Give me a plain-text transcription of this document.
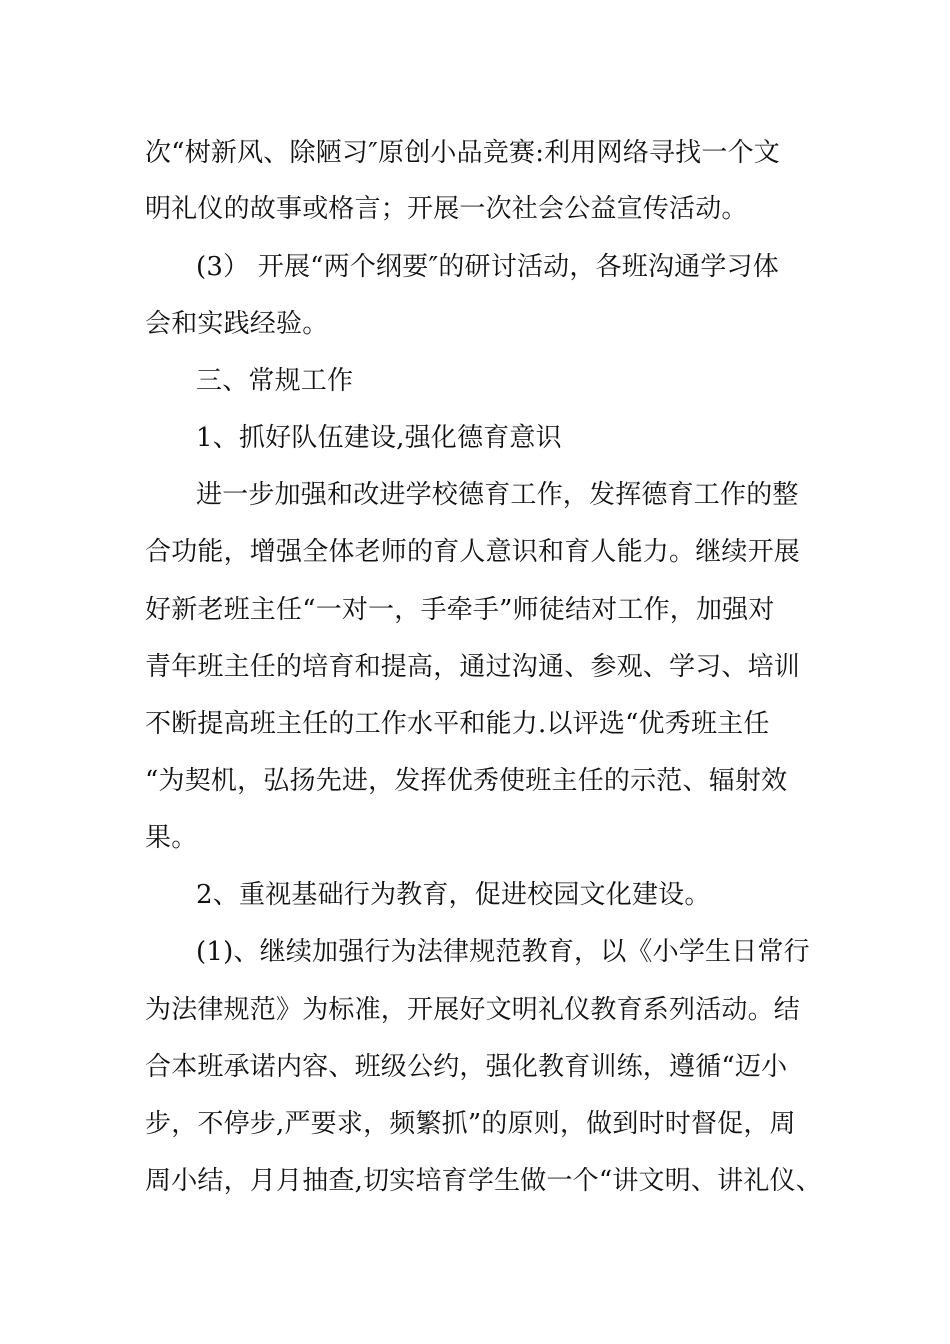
次“树新风、除陋习″原创小品竞赛:利用网络寻找一个文
明礼仪的故事或格言；开展一次社会公益宣传活动。
(3） 开展“两个纲要″的研讨活动，各班沟通学习体
会和实践经验。
三、常规工作
1、抓好队伍建设,强化德育意识
进一步加强和改进学校德育工作，发挥德育工作的整
合功能，增强全体老师的育人意识和育人能力。继续开展
好新老班主任“一对一，手牵手”师徒结对工作，加强对
青年班主任的培育和提高，通过沟通、参观、学习、培训
不断提高班主任的工作水平和能力.以评选“优秀班主任
“为契机，弘扬先进，发挥优秀使班主任的示范、辐射效
果。
2、重视基础行为教育，促进校园文化建设。
(1)、继续加强行为法律规范教育，以《小学生日常行
为法律规范》为标准，开展好文明礼仪教育系列活动。结
合本班承诺内容、班级公约，强化教育训练，遵循“迈小
步，不停步,严要求，频繁抓”的原则，做到时时督促，周
周小结，月月抽查,切实培育学生做一个“讲文明、讲礼仪、
